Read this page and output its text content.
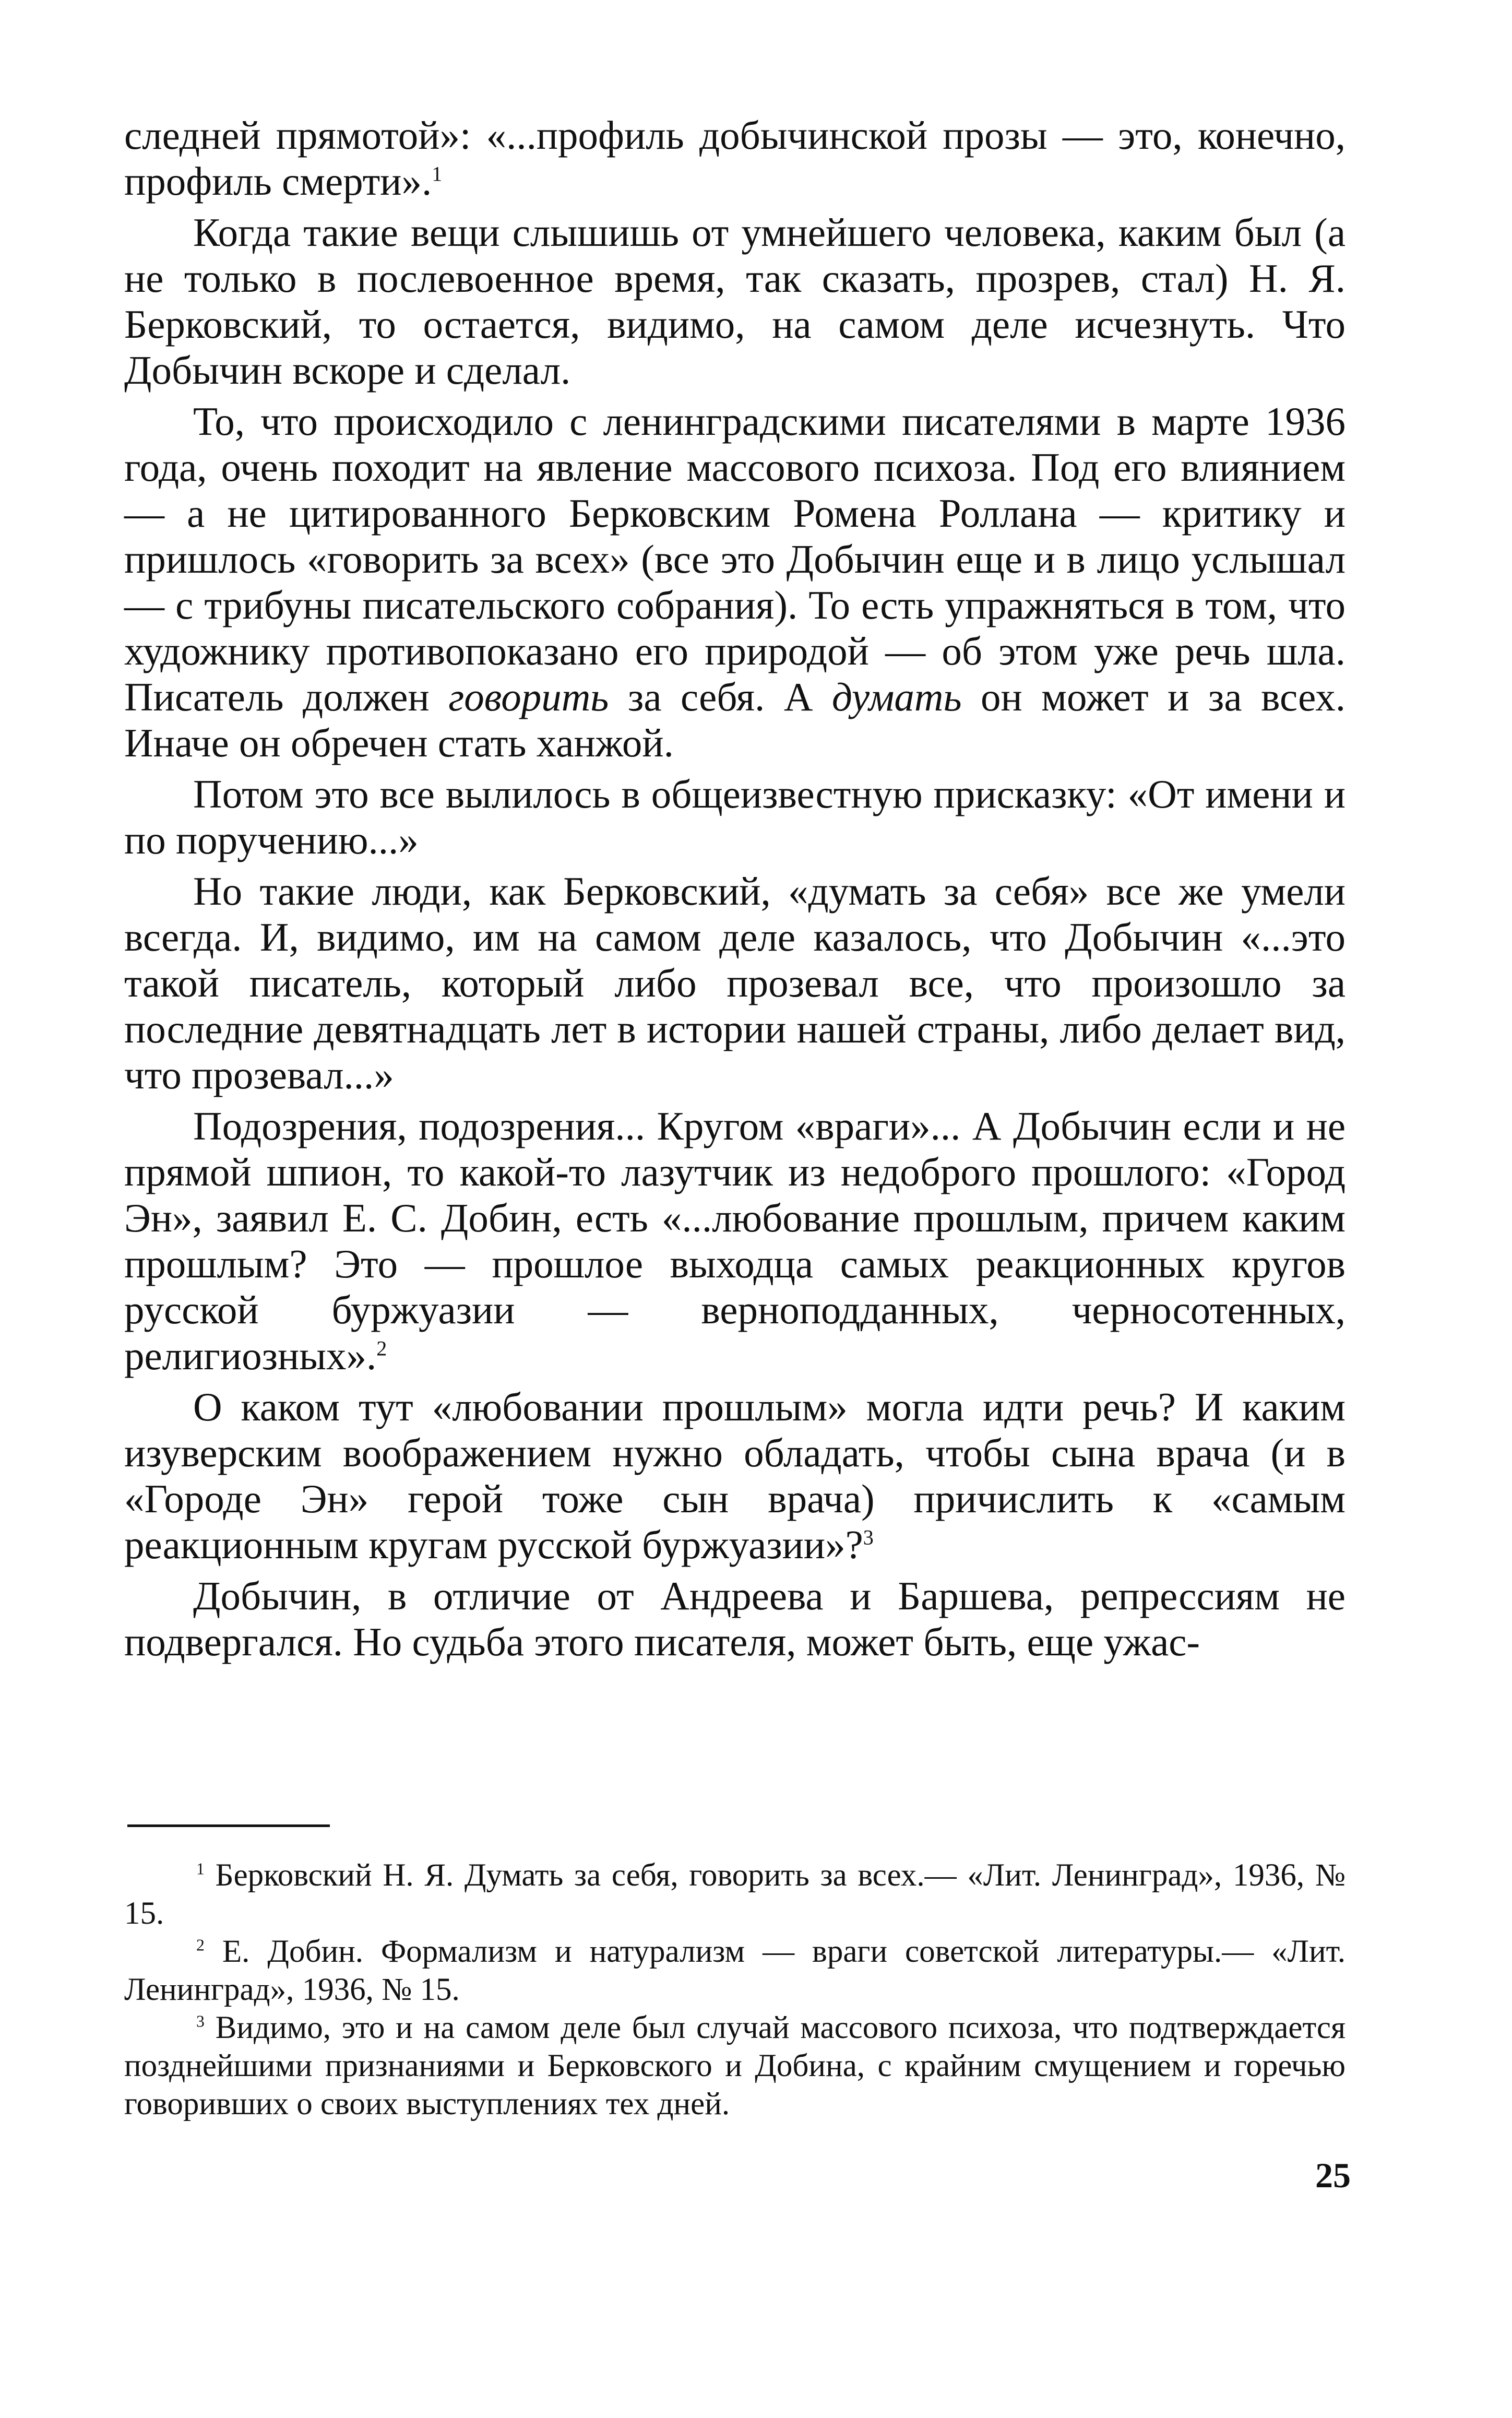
следней прямотой»: «...профиль добычинской прозы — это, конечно, профиль смерти».$^1$

Когда такие вещи слышишь от умнейшего человека, каким был (а не только в послевоенное время, так сказать, прозрев, стал) Н. Я. Берковский, то остается, видимо, на самом деле исчезнуть. Что Добычин вскоре и сделал.

То, что происходило с ленинградскими писателями в марте 1936 года, очень походит на явление массового психоза. Под его влиянием — а не цитированного Берковским Ромена Роллана — критику и пришлось «говорить за всех» (все это Добычин еще и в лицо услышал — с трибуны писательского собрания). То есть упражняться в том, что художнику противопоказано его природой — об этом уже речь шла. Писатель должен говорить за себя. А думать он может и за всех. Иначе он обречен стать ханжой.

Потом это все вылилось в общеизвестную присказку: «От имени и по поручению...»

Но такие люди, как Берковский, «думать за себя» все же умели всегда. И, видимо, им на самом деле казалось, что Добычин «...это такой писатель, который либо прозевал все, что произошло за последние девятнадцать лет в истории нашей страны, либо делает вид, что прозевал...»

Подозрения, подозрения... Кругом «враги»... А Добычин если и не прямой шпион, то какой-то лазутчик из недоброго прошлого: «Город Эн», заявил Е. С. Добин, есть «...любование прошлым, причем каким прошлым? Это — прошлое выходца самых реакционных кругов русской буржуазии — верноподданных, черносотенных, религиозных».$^2$

О каком тут «любовании прошлым» могла идти речь? И каким изуверским воображением нужно обладать, чтобы сына врача (и в «Городе Эн» герой тоже сын врача) причислить к «самым реакционным кругам русской буржуазии»?$^3$

Добычин, в отличие от Андреева и Баршева, репрессиям не подвергался. Но судьба этого писателя, может быть, еще ужас-

$^1$ Берковский Н. Я. Думать за себя, говорить за всех.— «Лит. Ленинград», 1936, № 15.

$^2$ Е. Добин. Формализм и натурализм — враги советской литературы.— «Лит. Ленинград», 1936, № 15.

$^3$ Видимо, это и на самом деле был случай массового психоза, что подтверждается позднейшими признаниями и Берковского и Добина, с крайним смущением и горечью говоривших о своих выступлениях тех дней.

25
